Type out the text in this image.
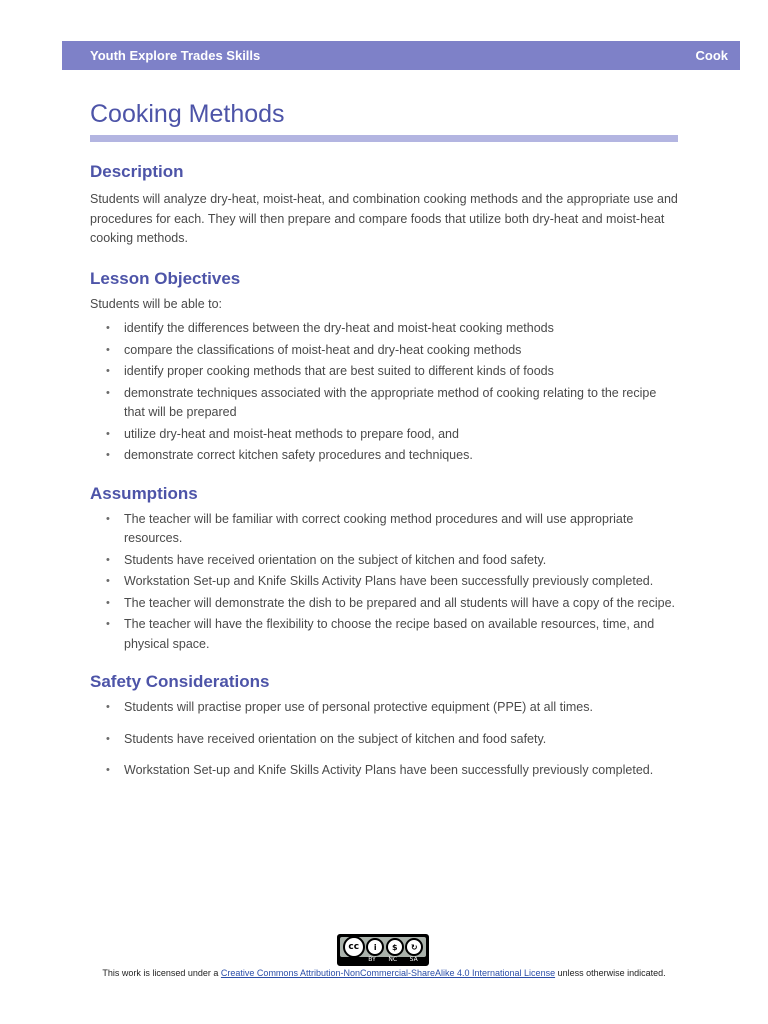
Youth Explore Trades Skills	Cook
Cooking Methods
Description

Students will analyze dry-heat, moist-heat, and combination cooking methods and the appropriate use and procedures for each. They will then prepare and compare foods that utilize both dry-heat and moist-heat cooking methods.

Lesson Objectives

Students will be able to:

• identify the differences between the dry-heat and moist-heat cooking methods
• compare the classifications of moist-heat and dry-heat cooking methods
• identify proper cooking methods that are best suited to different kinds of foods
• demonstrate techniques associated with the appropriate method of cooking relating to the recipe that will be prepared
• utilize dry-heat and moist-heat methods to prepare food, and
• demonstrate correct kitchen safety procedures and techniques.
Assumptions
• The teacher will be familiar with correct cooking method procedures and will use appropriate resources.
• Students have received orientation on the subject of kitchen and food safety.
• Workstation Set-up and Knife Skills Activity Plans have been successfully previously completed.
• The teacher will demonstrate the dish to be prepared and all students will have a copy of the recipe.
• The teacher will have the flexibility to choose the recipe based on available resources, time, and physical space.
Safety Considerations
• Students will practise proper use of personal protective equipment (PPE) at all times.
• Students have received orientation on the subject of kitchen and food safety.
• Workstation Set-up and Knife Skills Activity Plans have been successfully previously completed.
cc	i	$	↻
BY NC SA
This work is licensed under a Creative Commons Attribution-NonCommercial-ShareAlike 4.0 International License unless otherwise indicated.
